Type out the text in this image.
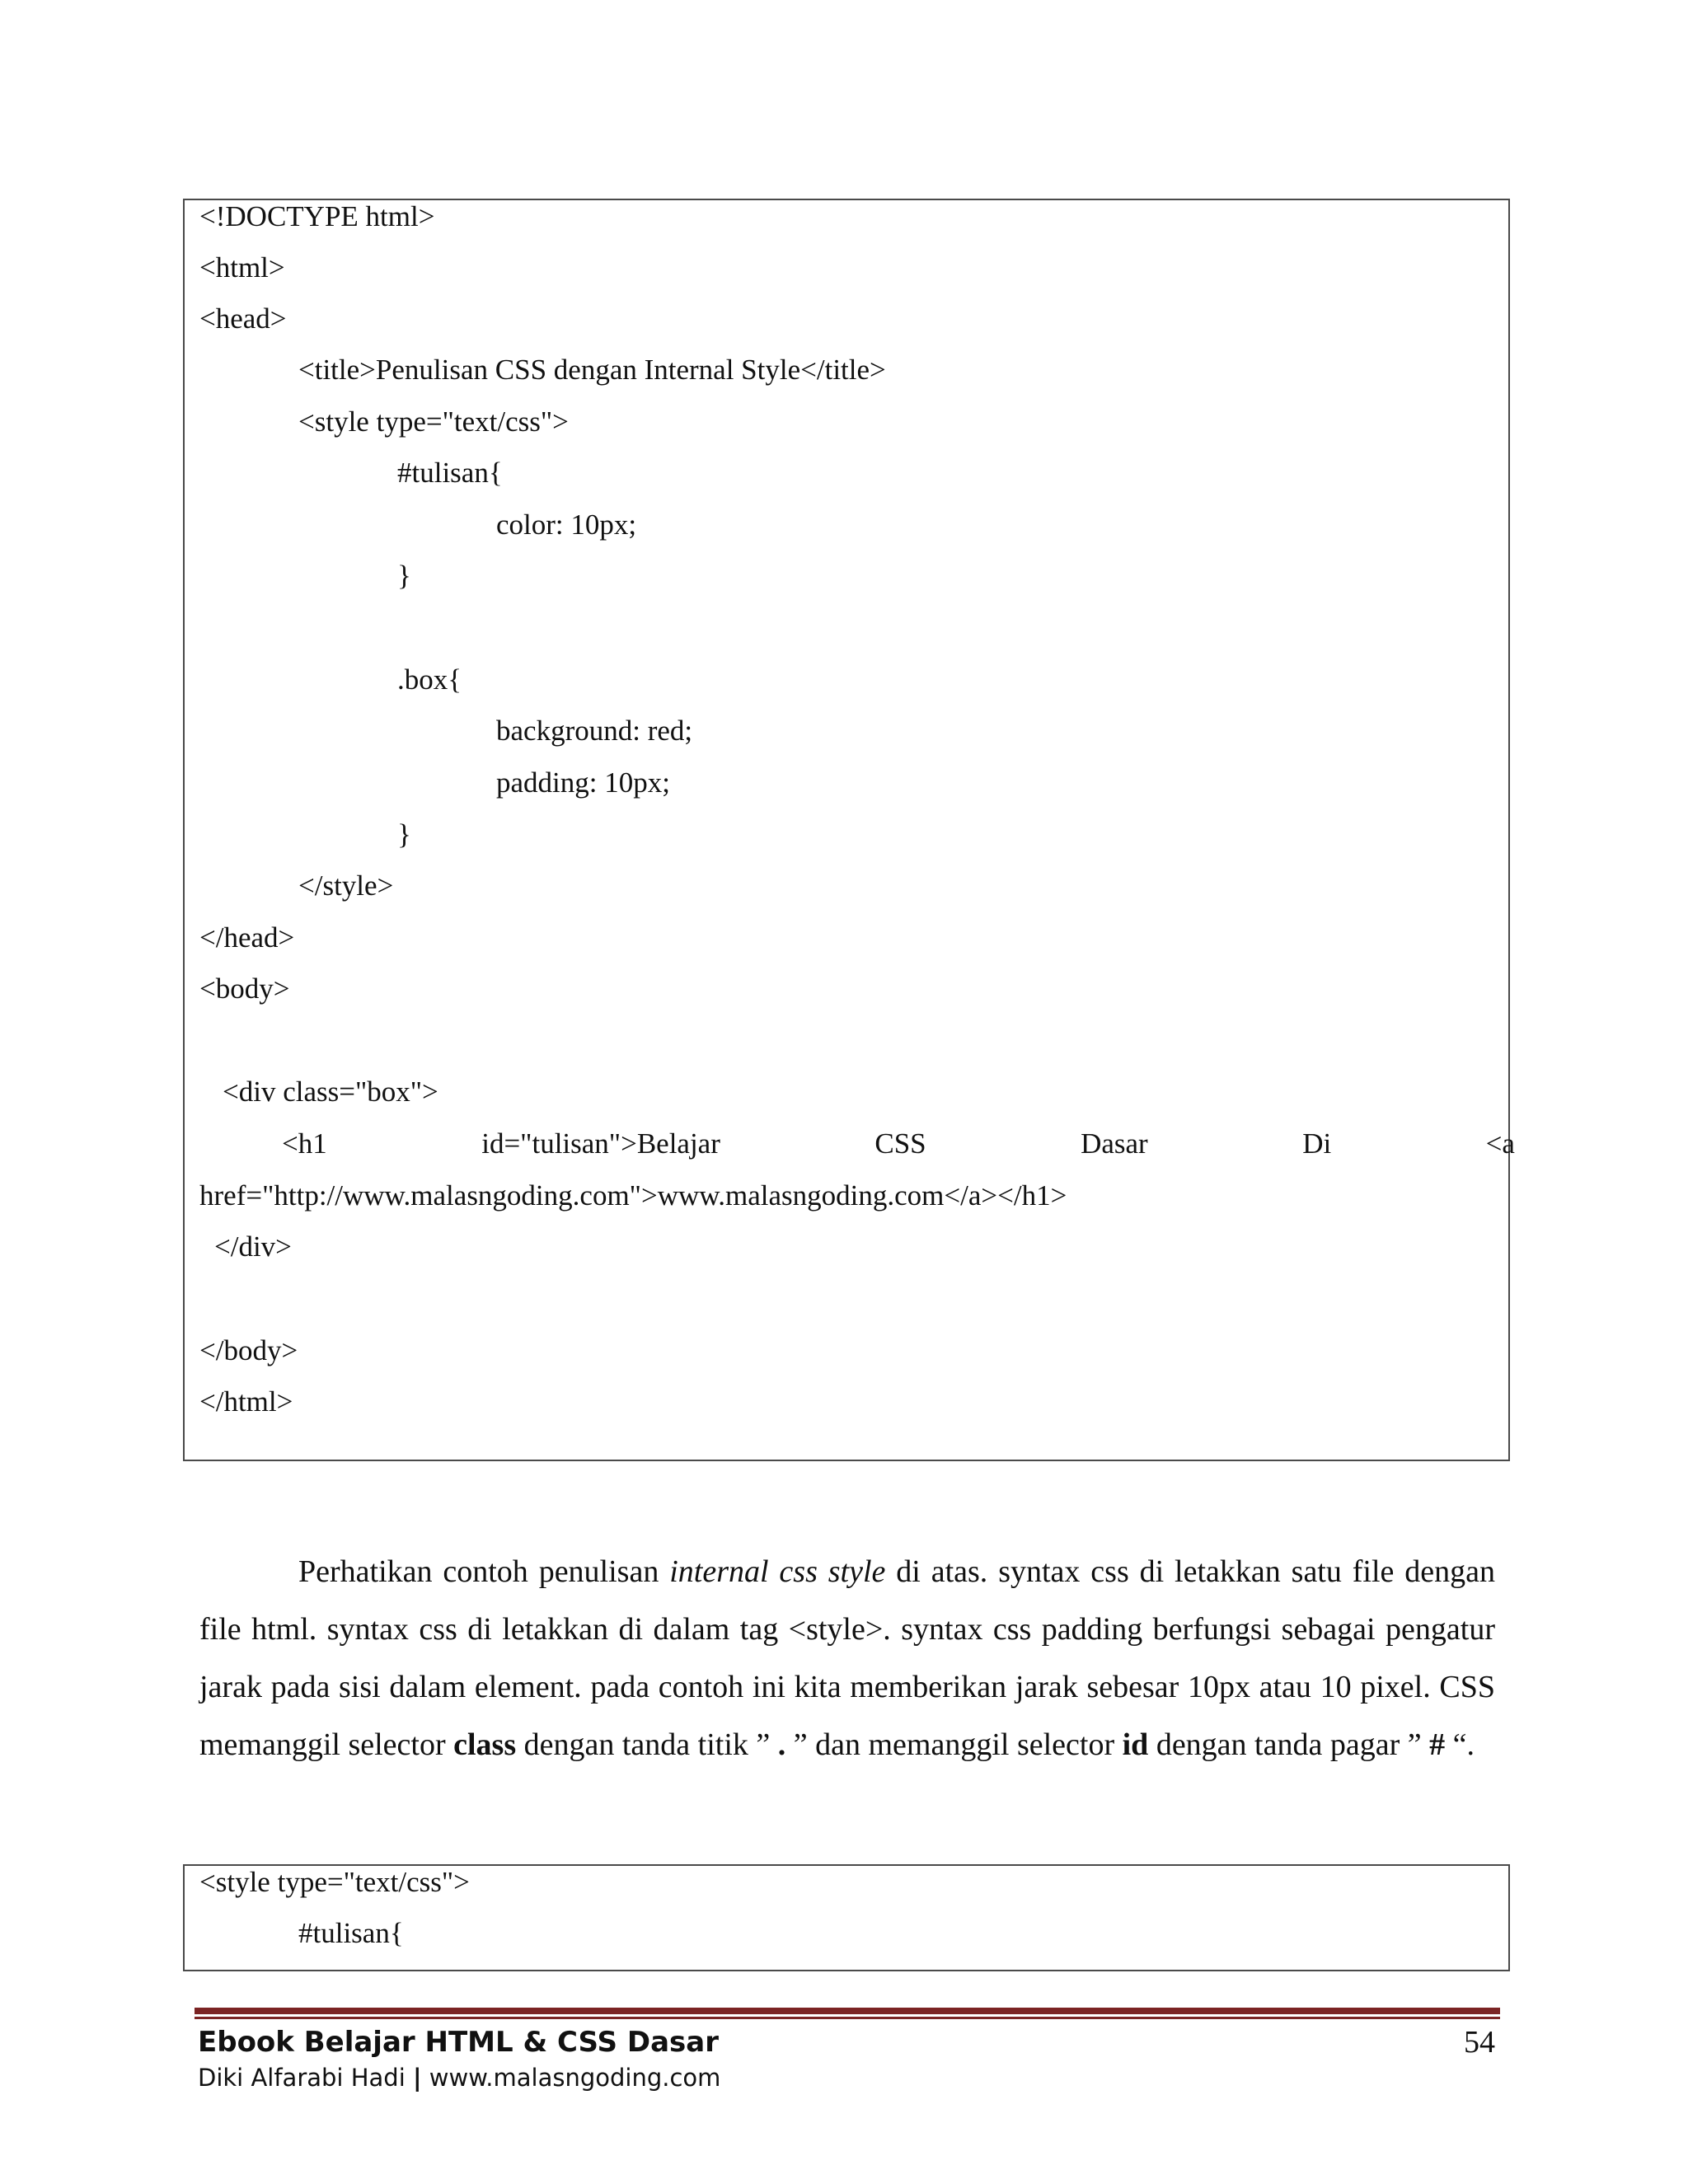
<!DOCTYPE html>
<html>
<head>
<title>Penulisan CSS dengan Internal Style</title>
<style type="text/css">
#tulisan{
color: 10px;
}
.box{
background: red;
padding: 10px;
}
</style>
</head>
<body>
<div class="box">
<h1	id="tulisan">Belajar	CSS	Dasar	Di	<a
href="http://www.malasngoding.com">www.malasngoding.com</a></h1>
</div>
</body>
</html>

Perhatikan contoh penulisan internal css style di atas. syntax css di letakkan satu file dengan file html. syntax css di letakkan di dalam tag <style>. syntax css padding berfungsi sebagai pengatur jarak pada sisi dalam element. pada contoh ini kita memberikan jarak sebesar 10px atau 10 pixel. CSS memanggil selector class dengan tanda titik ” . ” dan memanggil selector id dengan tanda pagar ” # “.

<style type="text/css">
#tulisan{
Ebook Belajar HTML & CSS Dasar
Diki Alfarabi Hadi | www.malasngoding.com
54
